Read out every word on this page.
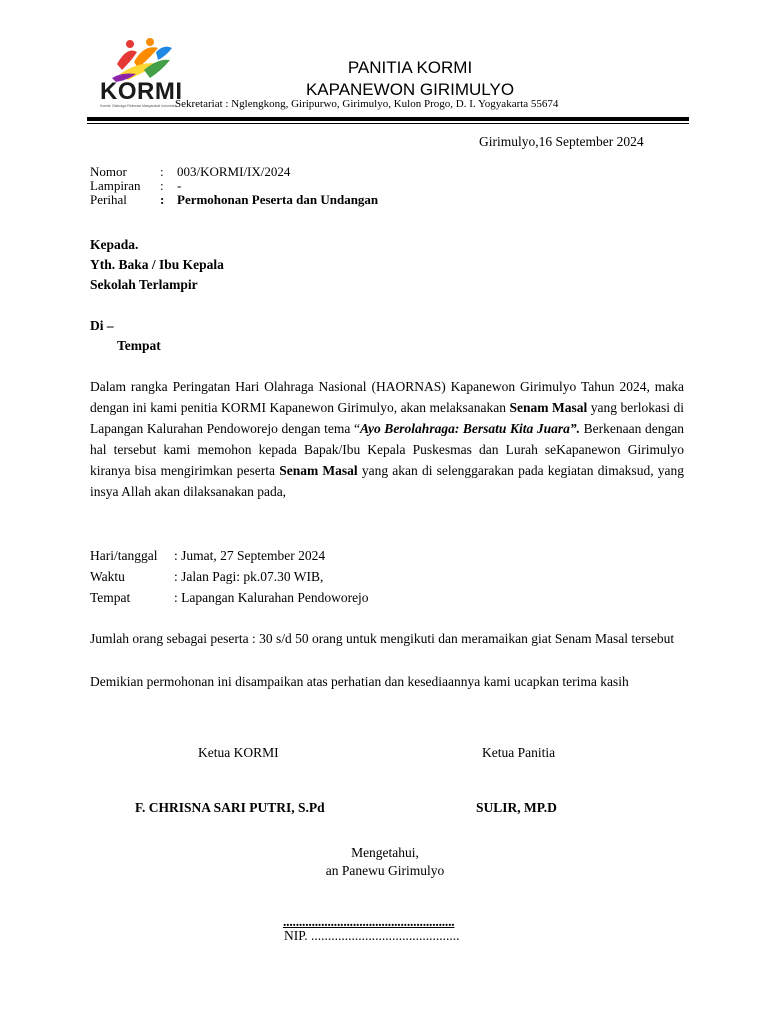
KORMI
Komite Olahraga Rekreasi Masyarakat Indonesia
PANITIA KORMI
KAPANEWON GIRIMULYO
Sekretariat : Nglengkong, Giripurwo, Girimulyo, Kulon Progo, D. I. Yogyakarta 55674
Girimulyo,16 September 2024
Nomor	:	003/KORMI/IX/2024
Lampiran	:	-
Perihal	:	Permohonan Peserta dan Undangan
Kepada.
Yth. Baka / Ibu Kepala
Sekolah Terlampir
Di –
Tempat
Dalam rangka Peringatan Hari Olahraga Nasional (HAORNAS) Kapanewon Girimulyo Tahun 2024, maka dengan ini kami penitia KORMI Kapanewon Girimulyo, akan melaksanakan Senam Masal yang berlokasi di Lapangan Kalurahan Pendoworejo dengan tema “Ayo Berolahraga: Bersatu Kita Juara”. Berkenaan dengan hal tersebut kami memohon kepada Bapak/Ibu Kepala Puskesmas dan Lurah seKapanewon Girimulyo kiranya bisa mengirimkan peserta Senam Masal yang akan di selenggarakan pada kegiatan dimaksud, yang insya Allah akan dilaksanakan pada,
Hari/tanggal	: Jumat, 27 September 2024
Waktu	: Jalan Pagi: pk.07.30 WIB,
Tempat	: Lapangan Kalurahan Pendoworejo
Jumlah orang sebagai peserta : 30 s/d 50 orang untuk mengikuti dan meramaikan giat Senam Masal tersebut
Demikian permohonan ini disampaikan atas perhatian dan kesediaannya kami ucapkan terima kasih
Ketua KORMI	Ketua Panitia
F. CHRISNA SARI PUTRI, S.Pd	SULIR, MP.D
Mengetahui,
an Panewu Girimulyo
......................................................
NIP. ............................................
